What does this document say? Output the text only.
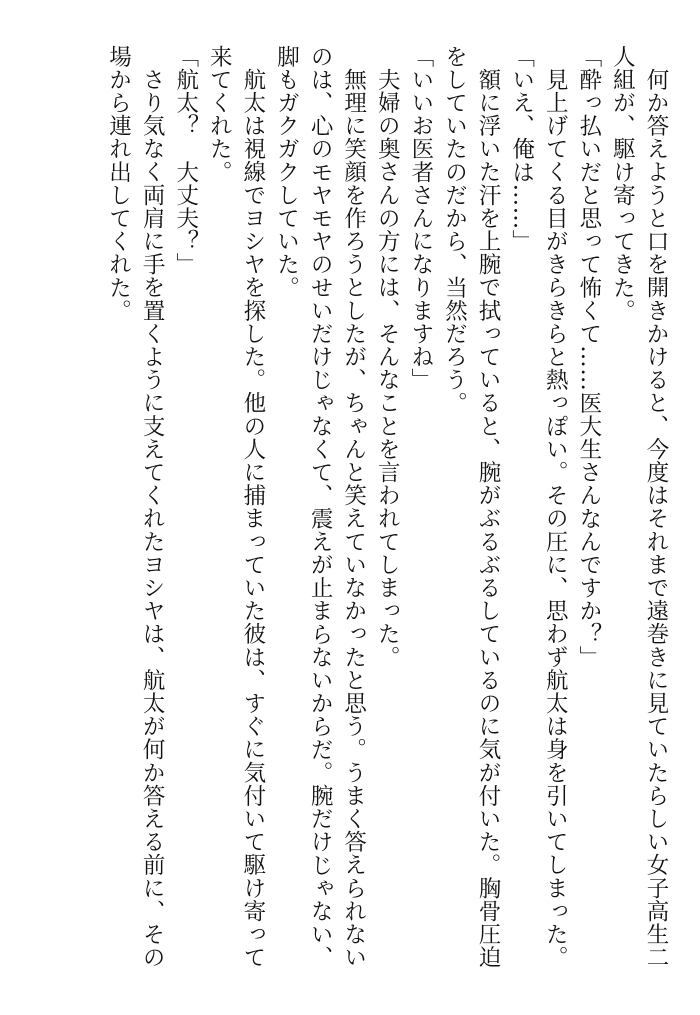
何か答えようと口を開きかけると、今度はそれまで遠巻きに見ていたらしい女子高生二人組が、駆け寄ってきた。

「酔っ払いだと思って怖くて……医大生さんなんですか？」

見上げてくる目がきらきらと熱っぽい。その圧に、思わず航太は身を引いてしまった。

「いえ、俺は……」

額に浮いた汗を上腕で拭っていると、腕がぶるぶるしているのに気が付いた。胸骨圧迫をしていたのだから、当然だろう。

「いいお医者さんになりますね」

夫婦の奥さんの方には、そんなことを言われてしまった。

無理に笑顔を作ろうとしたが、ちゃんと笑えていなかったと思う。うまく答えられないのは、心のモヤモヤのせいだけじゃなくて、震えが止まらないからだ。腕だけじゃない、脚もガクガクしていた。

航太は視線でヨシヤを探した。他の人に捕まっていた彼は、すぐに気付いて駆け寄って来てくれた。

「航太？　大丈夫？」

さり気なく両肩に手を置くように支えてくれたヨシヤは、航太が何か答える前に、その場から連れ出してくれた。
